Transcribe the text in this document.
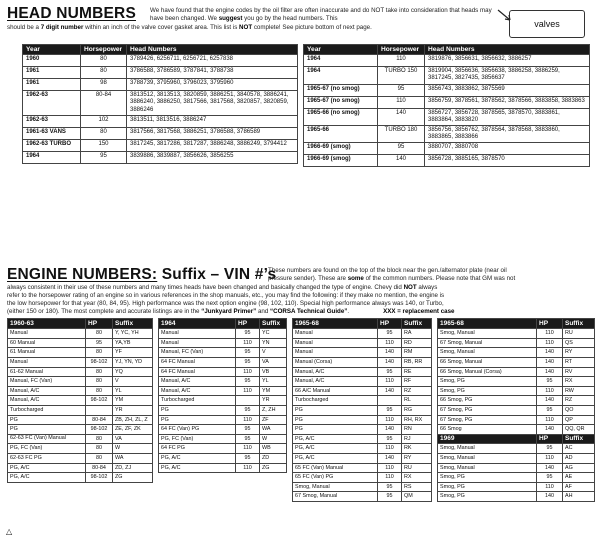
HEAD NUMBERS We have found that the engine codes by the oil filter are often inaccurate and do NOT take into consideration that heads may have been changed. We suggest you go by the head numbers. This
should be a 7 digit number within an inch of the valve cover gasket area. This list is NOT complete! See picture bottom of next page.	valves
Year	Horsepower	Head Numbers
1960	80	3789426, 6256711, 6256721, 6257838
1961	80	3786588, 3786589, 3787841, 3788738
1961	98	3788739, 3795960, 3796023, 3795960
1962-63	80-84	3813512, 3813513, 3820859, 3886251, 3840578, 3886241, 3886240, 3886250, 3817566, 3817568, 3820857, 3820859, 3886246
1962-63	102	3813511, 3813516, 3886247
1961-63 VANS	80	3817566, 3817568, 3886251, 3786588, 3786589
1962-63 TURBO	150	3817245, 3817286, 3817287, 3886248, 3886249, 3794412
1964	95	3839886, 3839887, 3856626, 3856255
Year	Horsepower	Head Numbers
1964	110	3819876, 3856631, 3856632, 3886257
1964	TURBO 150	3819904, 3856636, 3856638, 3886258, 3886259, 3817245, 3827435, 3856637
1965-67 (no smog)	95	3856743, 3883862, 3875569
1965-67 (no smog)	110	3856759, 3878561, 3878562, 3878566, 3883858, 3883863
1965-66 (no smog)	140	3856727, 3856728, 3878565, 3878570, 3883861, 3883864, 3883820
1965-66	TURBO 180	3856756, 3856762, 3878564, 3878568, 3883860, 3883865, 3883866
1966-69 (smog)	95	3880707, 3880708
1966-69 (smog)	140	3856728, 3885165, 3878570
ENGINE NUMBERS: Suffix – VIN #’s
These numbers are found on the top of the block near the gen./alternator plate (near oil
pressure sender). These are some of the common numbers. Please note that GM was not
always consistent in their use of these numbers and many times heads have been changed and basically changed the type of engine. Chevy did NOT always
refer to the horsepower rating of an engine so in various references in the shop manuals, etc., you may find the following: if they make no mention, the engine is
the low horsepower for that year (80, 84, 95). High performance was the next option engine (98, 102, 110). Special high performance always was 140, or Turbo,
(either 150 or 180). The most complete and accurate listings are in the “Junkyard Primer” and “CORSA Technical Guide”.	XXX = replacement case
1960-63	HP	Suffix
Manual	80	Y, YC, YH
60 Manual	95	YA,YB
61 Manual	80	YF
Manual	98-102	YJ, YN, YD
61-62 Manual	80	YQ
Manual, FC (Van)	80	V
Manual, A/C	80	YL
Manual, A/C	98-102	YM
Turbocharged		YR
PG	80-84	ZB, ZH, ZL, Z
PG	98-102	ZE, ZF, ZK
62-63 FC (Van) Manual	80	VA
PG, FC (Van)	80	W
62-63 FC PG	80	WA
PG, A/C	80-84	ZD, ZJ
PG, A/C	98-102	ZG
1964	HP	Suffix
Manual	95	YC
Manual	110	YN
Manual, FC (Van)	95	V
64 FC Manual	95	VA
64 FC Manual	110	VB
Manual, A/C	95	YL
Manual, A/C	110	YM
Turbocharged		YR
PG	95	Z, ZH
PG	110	ZF
64 FC (Van) PG	95	WA
PG, FC (Van)	95	W
64 FC PG	110	WB
PG, A/C	95	ZD
PG, A/C	110	ZG
1965-68	HP	Suffix
Manual	95	RA
Manual	110	RD
Manual	140	RM
Manual (Corsa)	140	RB, RR
Manual, A/C	95	RE
Manual, A/C	110	RF
66 A/C Manual	140	RZ
Turbocharged		RL
PG	95	RG
PG	110	RH, RX
PG	140	RN
PG, A/C	95	RJ
PG, A/C	110	RK
PG, A/C	140	RY
65 FC (Van) Manual	110	RU
65 FC (Van) PG	110	RX
Smog, Manual	95	RS
67 Smog, Manual	95	QM
1965-68	HP	Suffix
Smog, Manual	110	RU
67 Smog, Manual	110	QS
Smog, Manual	140	RY
66 Smog, Manual	140	RT
66 Smog, Manual (Corsa)	140	RV
Smog, PG	95	RX
Smog, PG	110	RW
66 Smog, PG	140	RZ
67 Smog, PG	95	QO
67 Smog, PG	110	QP
66 Smog	140	QQ, QR
1969	HP	Suffix
Smog, Manual	95	AC
Smog, Manual	110	AD
Smog, Manual	140	AG
Smog, PG	95	AE
Smog, PG	110	AF
Smog, PG	140	AH
△
